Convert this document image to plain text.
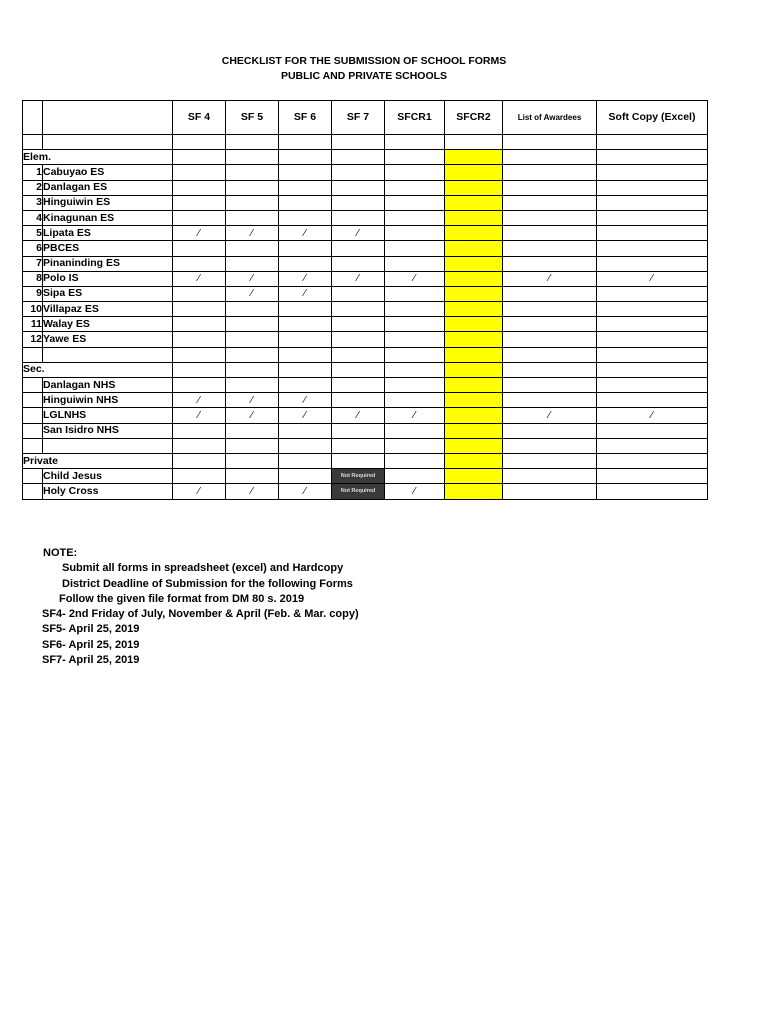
CHECKLIST FOR THE SUBMISSION OF SCHOOL FORMS
PUBLIC AND PRIVATE SCHOOLS
		SF 4	SF 5	SF 6	SF 7	SFCR1	SFCR2	List of Awardees	Soft Copy (Excel)

Elem.									
1	Cabuyao ES								
2	Danlagan ES								
3	Hinguiwin ES								
4	Kinagunan ES								
5	Lipata ES	⁄	⁄	⁄	⁄				
6	PBCES								
7	Pinaninding ES								
8	Polo IS	⁄	⁄	⁄	⁄	⁄		⁄	⁄
9	Sipa ES		⁄	⁄					
10	Villapaz ES								
11	Walay ES								
12	Yawe ES								

Sec.									
	Danlagan NHS								
	Hinguiwin NHS	⁄	⁄	⁄					
	LGLNHS	⁄	⁄	⁄	⁄	⁄		⁄	⁄
	San Isidro NHS								

Private									
	Child Jesus				Not Required				
	Holy Cross	⁄	⁄	⁄	Not Required	⁄			
NOTE:
Submit all forms in spreadsheet (excel) and Hardcopy
District Deadline of Submission for the following Forms
Follow the given file format from DM 80 s. 2019
SF4- 2nd Friday of July, November & April (Feb. & Mar. copy)
SF5- April 25, 2019
SF6- April 25, 2019
SF7- April 25, 2019
